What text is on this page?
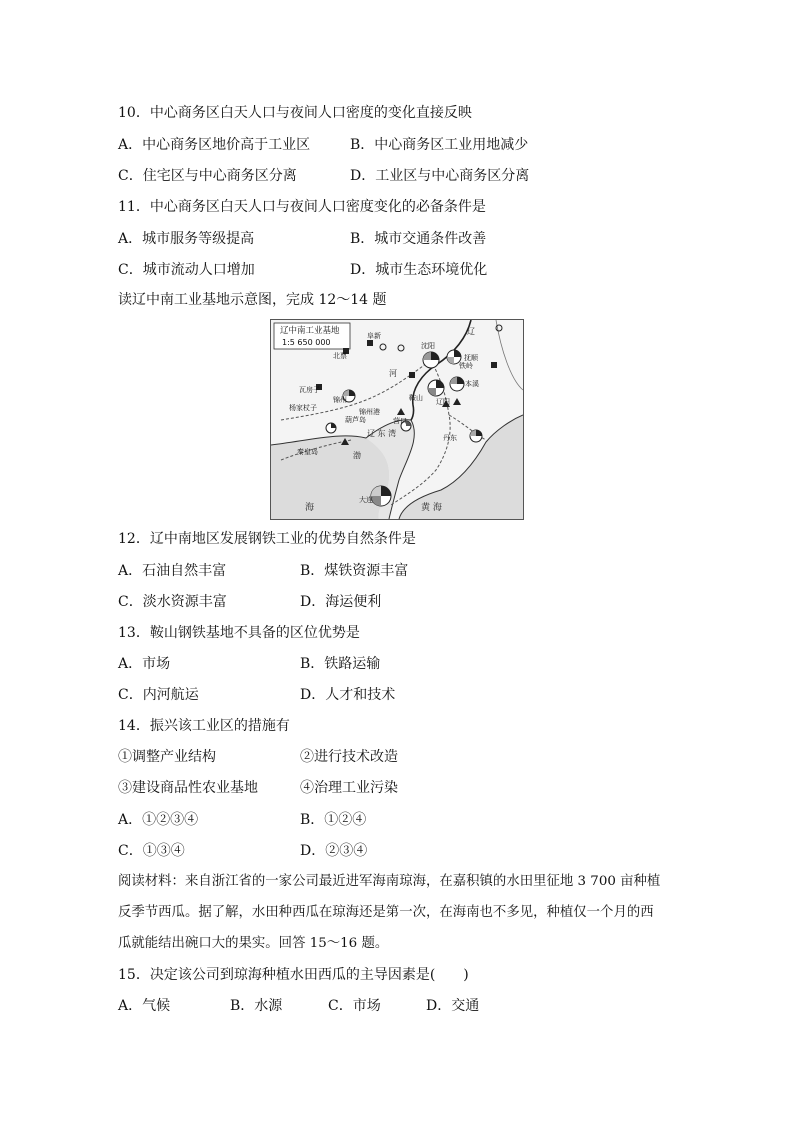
10．中心商务区白天人口与夜间人口密度的变化直接反映
A．中心商务区地价高于工业区	B．中心商务区工业用地减少
C．住宅区与中心商务区分离	D．工业区与中心商务区分离
11．中心商务区白天人口与夜间人口密度变化的必备条件是
A．城市服务等级提高	B．城市交通条件改善
C．城市流动人口增加	D．城市生态环境优化
读辽中南工业基地示意图，完成 12～14 题
辽中南工业基地
1:5 650 000
北票
阜新
沈阳
铁岭
抚顺
本溪
辽阳
鞍山
锦州
瓦房子
杨家杖子	锦州港
葫芦岛	营口
辽 东 湾
渤
秦皇岛
丹东
大连
海	黄 海
辽
河
12．辽中南地区发展钢铁工业的优势自然条件是
A．石油自然丰富	B．煤铁资源丰富
C．淡水资源丰富	D．海运便利
13．鞍山钢铁基地不具备的区位优势是
A．市场	B．铁路运输
C．内河航运	D．人才和技术
14．振兴该工业区的措施有
①调整产业结构	②进行技术改造
③建设商品性农业基地	④治理工业污染
A．①②③④	B．①②④
C．①③④	D．②③④
阅读材料：来自浙江省的一家公司最近进军海南琼海，在嘉积镇的水田里征地 3 700 亩种植
反季节西瓜。据了解，水田种西瓜在琼海还是第一次，在海南也不多见，种植仅一个月的西
瓜就能结出碗口大的果实。回答 15～16 题。
15．决定该公司到琼海种植水田西瓜的主导因素是(　　)
A．气候	B．水源	C．市场	D．交通
